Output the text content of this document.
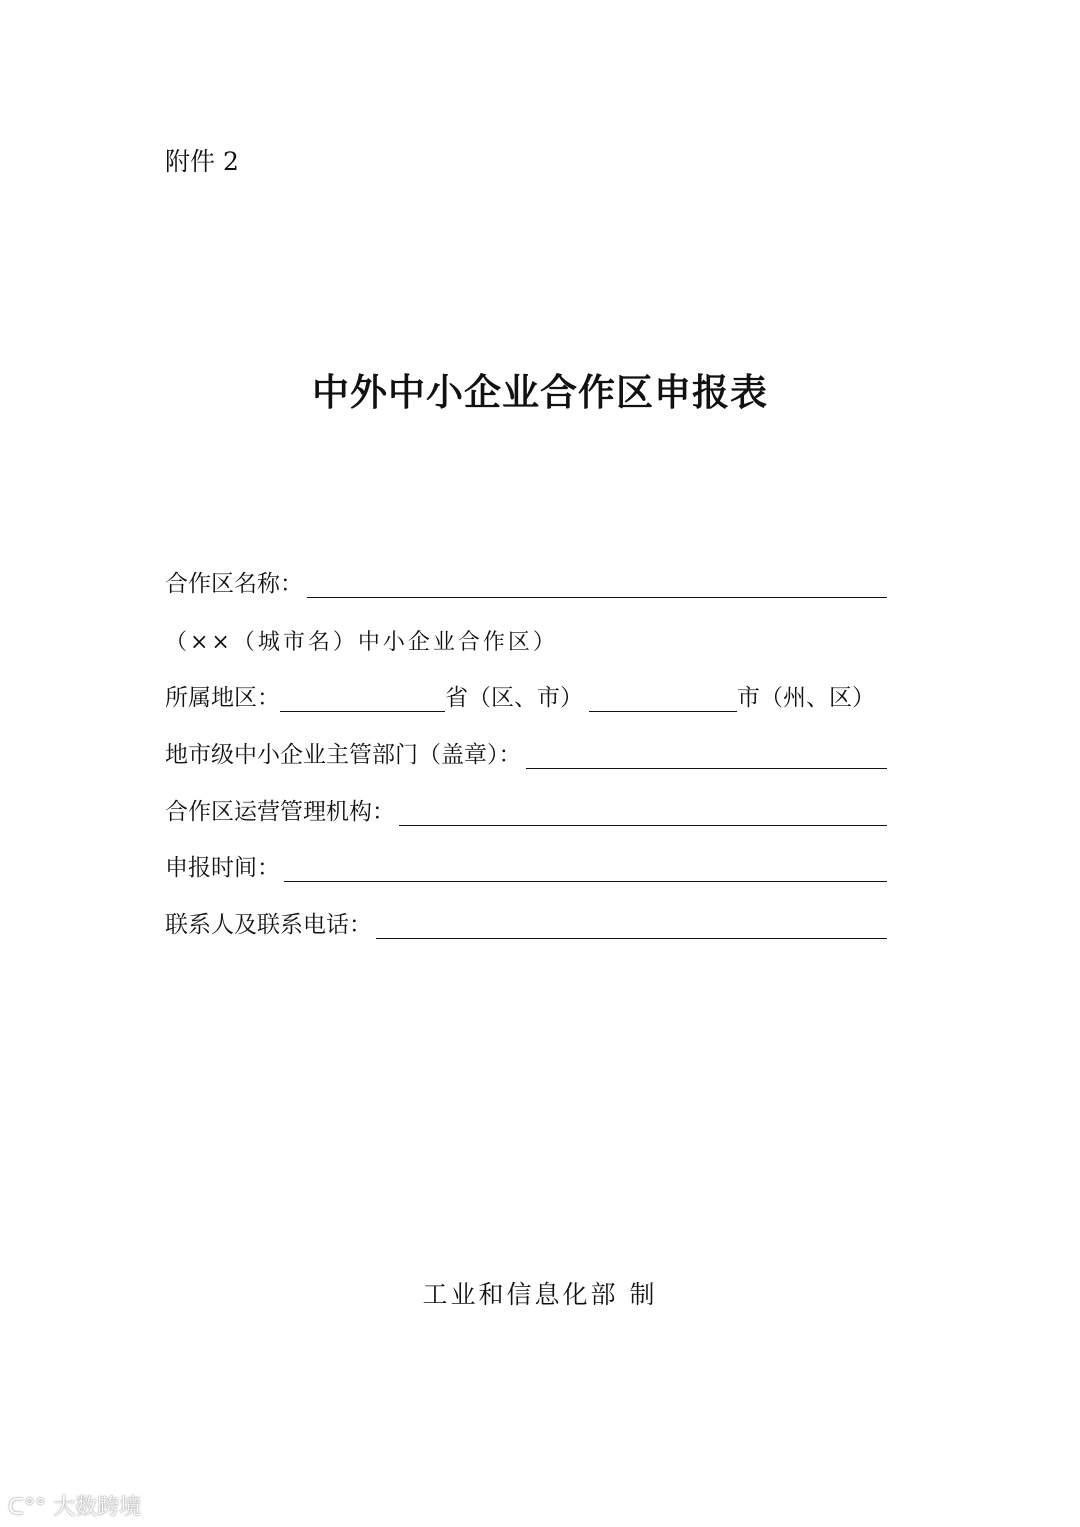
附件 2
中外中小企业合作区申报表
合作区名称：
（××（城市名）中小企业合作区）
所属地区：	省（区、市）	市（州、区）
地市级中小企业主管部门（盖章）：
合作区运营管理机构：
申报时间：
联系人及联系电话：
工业和信息化部 制
ᑕ°° 大数跨境
